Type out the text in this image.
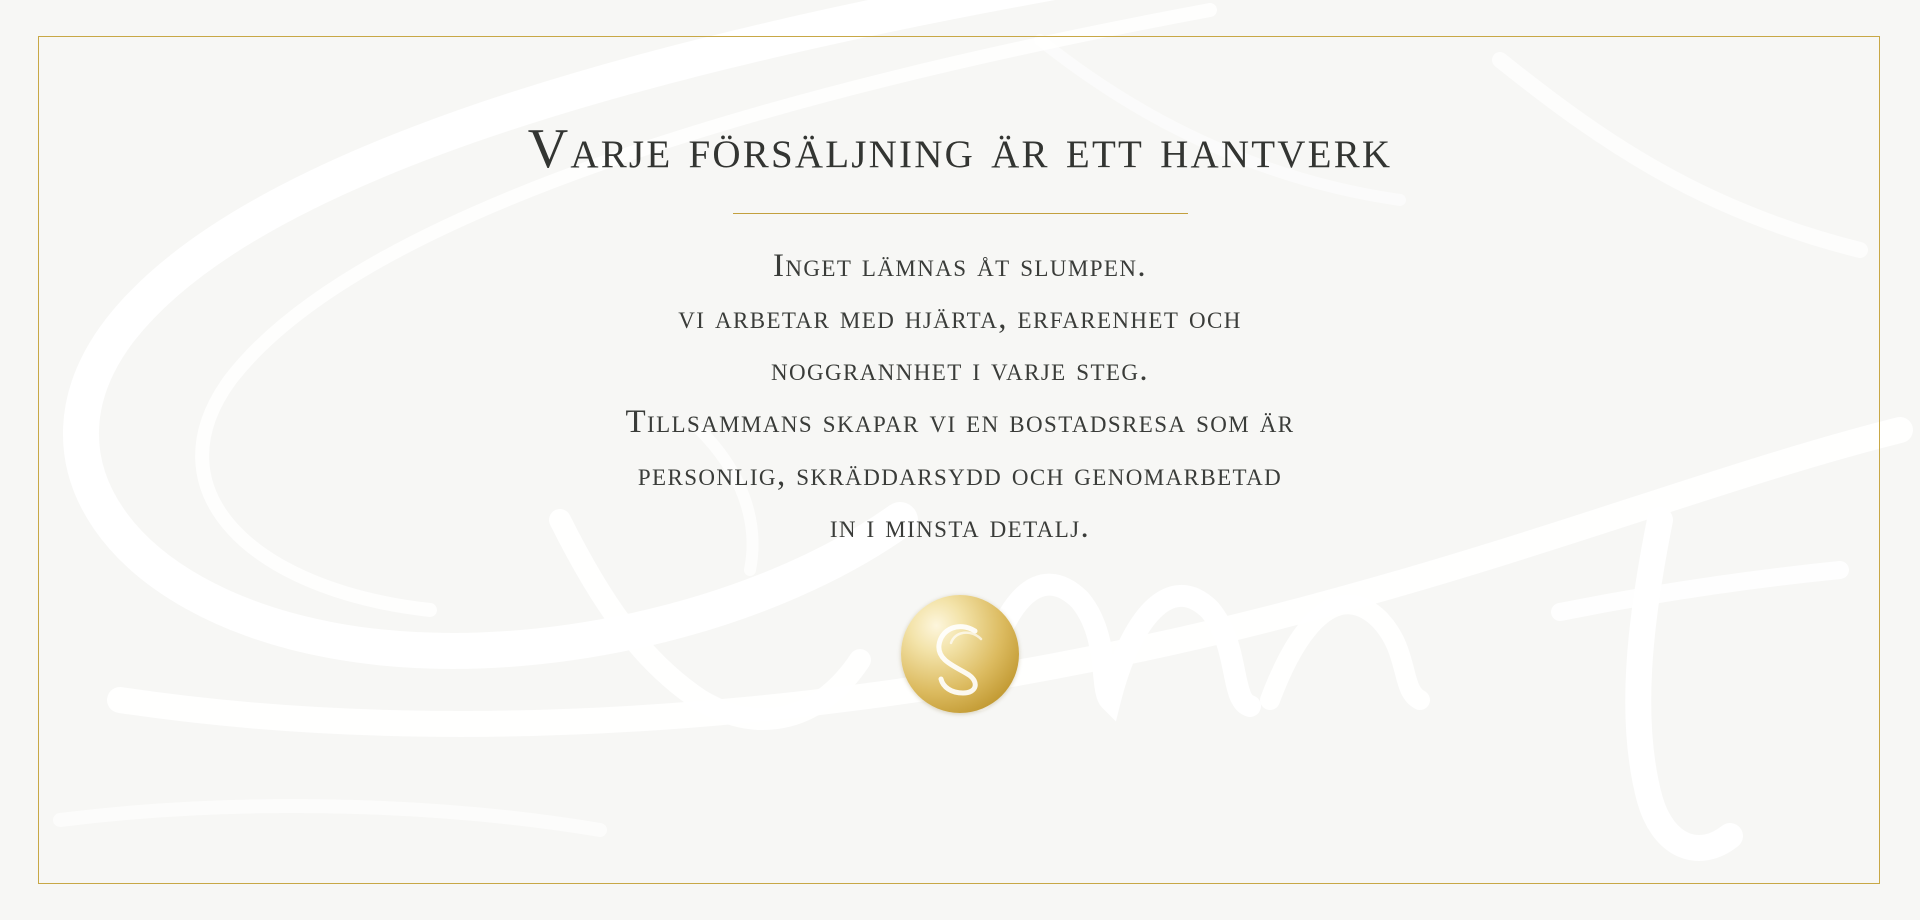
Varje försäljning är ett hantverk
Inget lämnas åt slumpen.
vi arbetar med hjärta, erfarenhet och
noggrannhet i varje steg.
Tillsammans skapar vi en bostadsresa som är
personlig, skräddarsydd och genomarbetad
in i minsta detalj.
